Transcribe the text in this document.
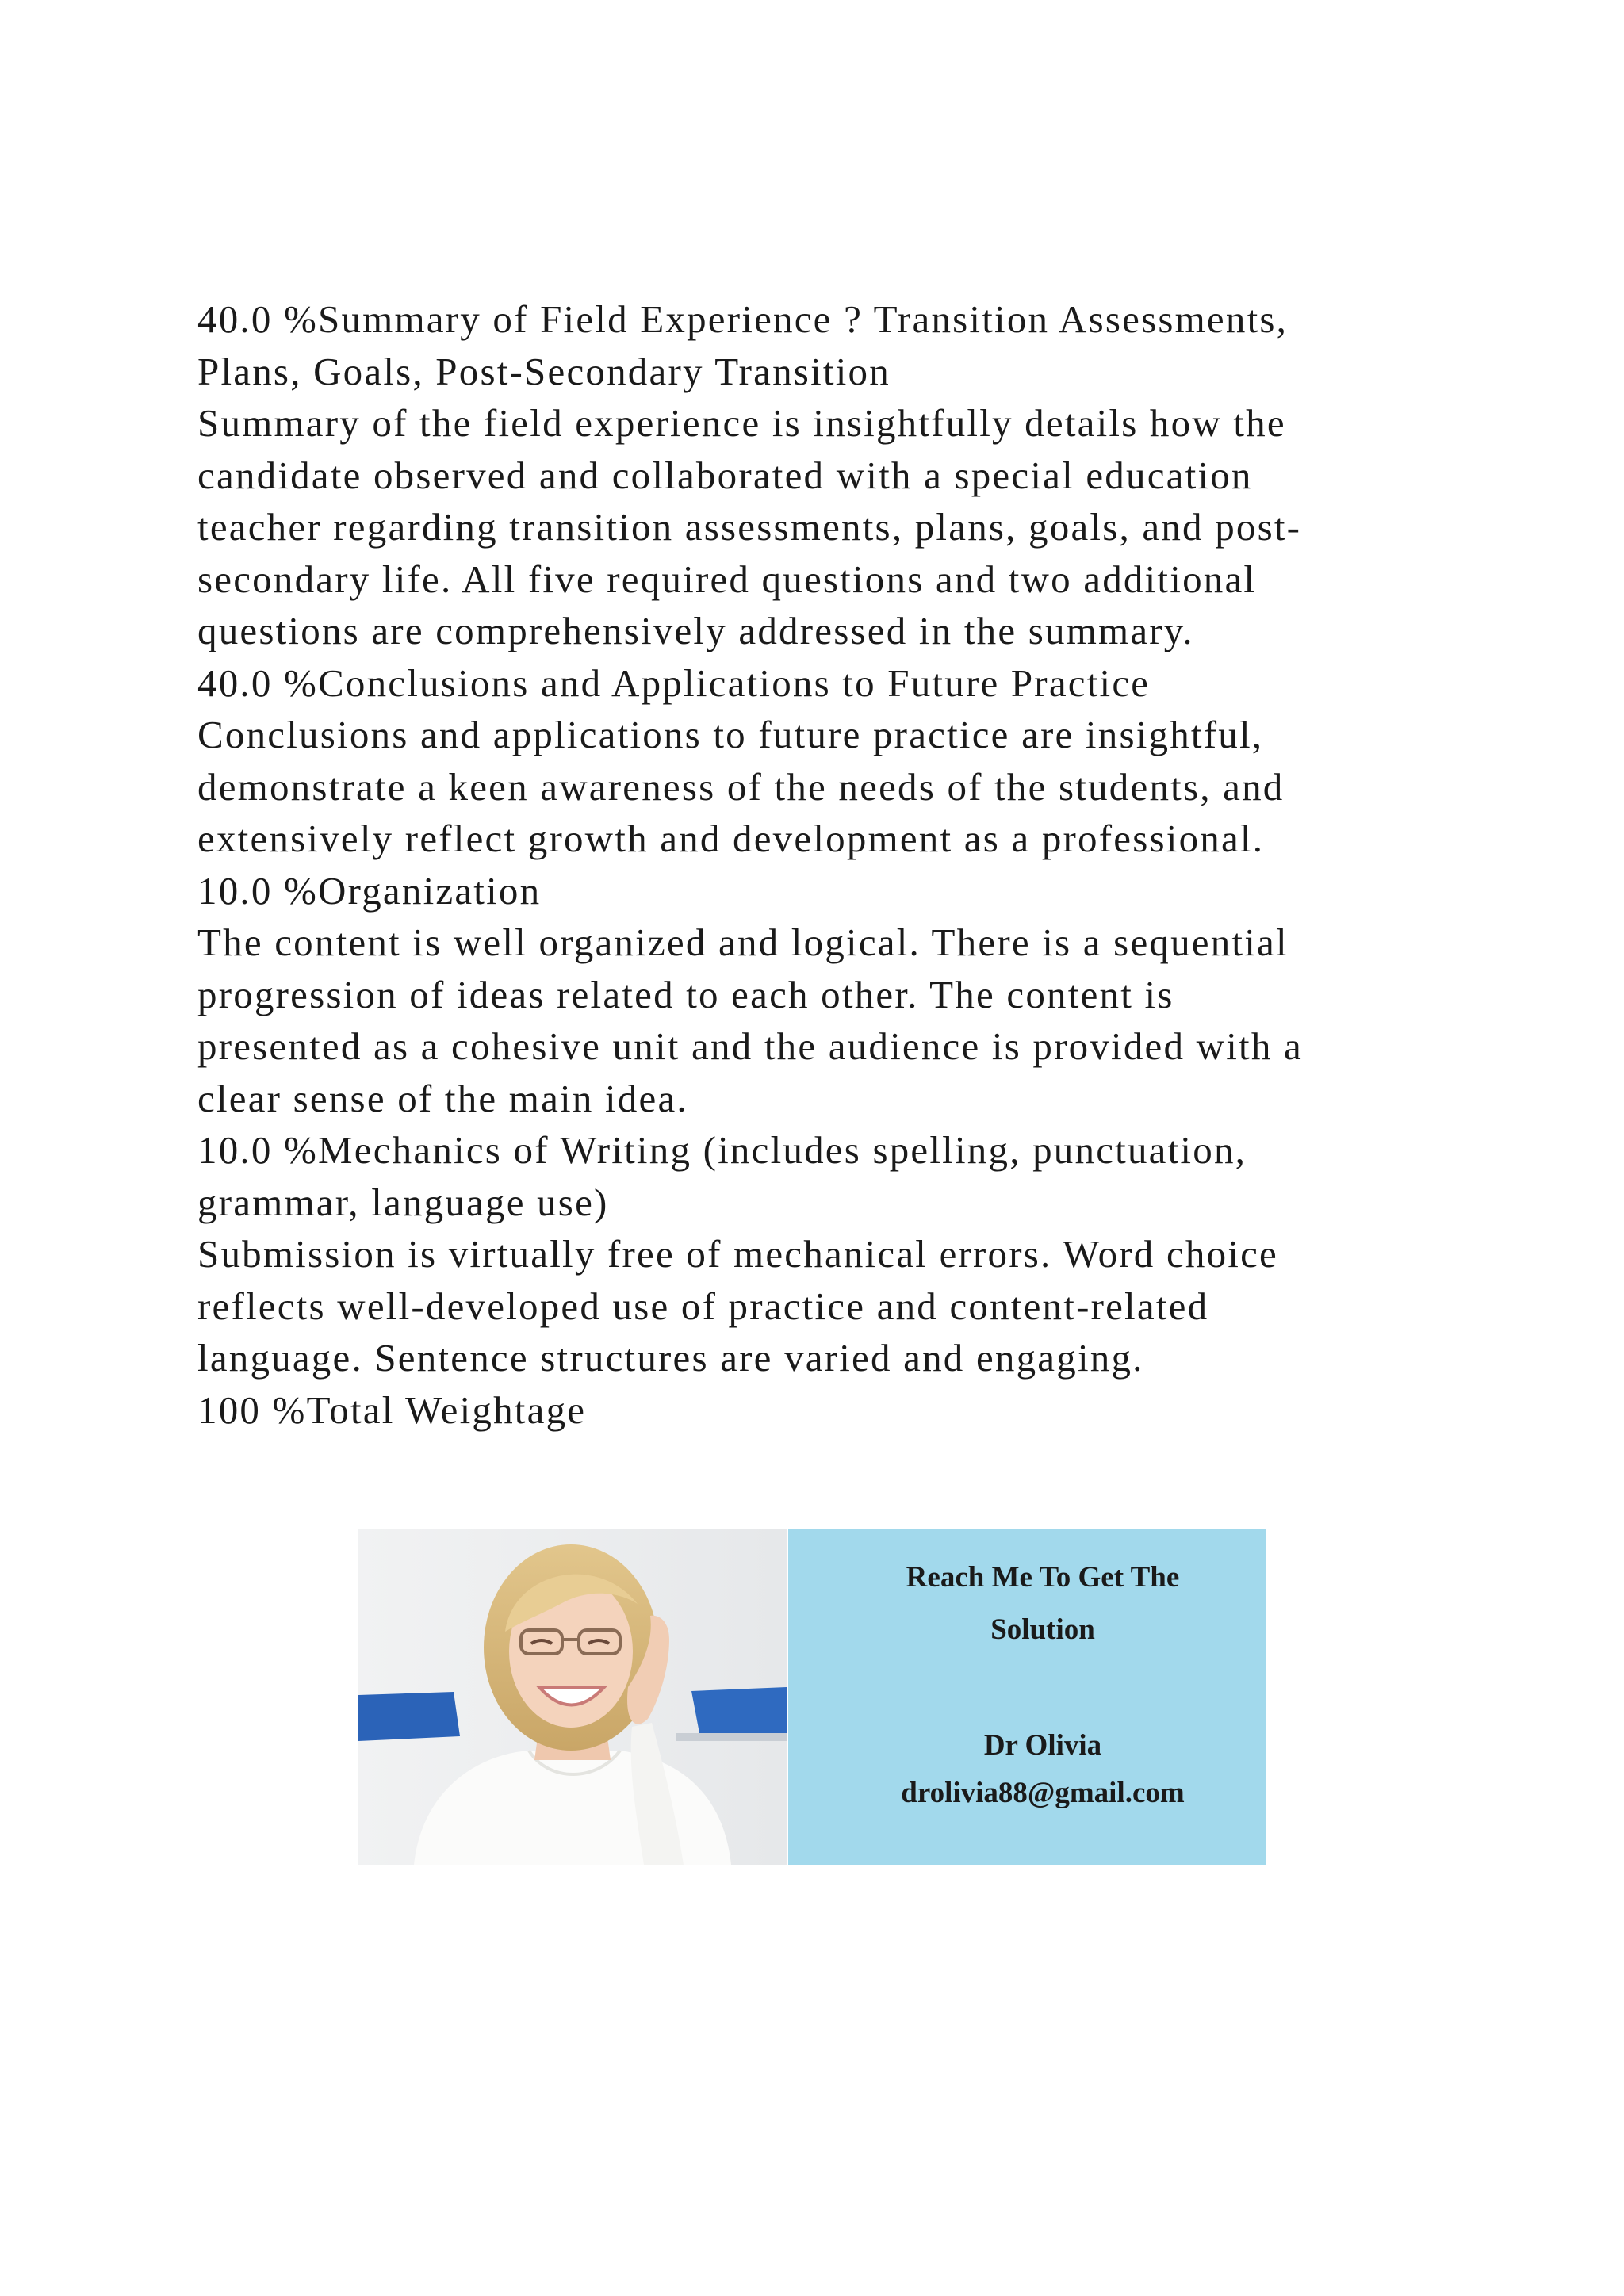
40.0 %Summary of Field Experience ? Transition Assessments,
Plans, Goals, Post-Secondary Transition
Summary of the field experience is insightfully details how the
candidate observed and collaborated with a special education
teacher regarding transition assessments, plans, goals, and post-
secondary life. All five required questions and two additional
questions are comprehensively addressed in the summary.
40.0 %Conclusions and Applications to Future Practice
Conclusions and applications to future practice are insightful,
demonstrate a keen awareness of the needs of the students, and
extensively reflect growth and development as a professional.
10.0 %Organization
The content is well organized and logical. There is a sequential
progression of ideas related to each other. The content is
presented as a cohesive unit and the audience is provided with a
clear sense of the main idea.
10.0 %Mechanics of Writing (includes spelling, punctuation,
grammar, language use)
Submission is virtually free of mechanical errors. Word choice
reflects well-developed use of practice and content-related
language. Sentence structures are varied and engaging.
100 %Total Weightage
Reach Me To Get The
Solution
Dr Olivia
drolivia88@gmail.com
